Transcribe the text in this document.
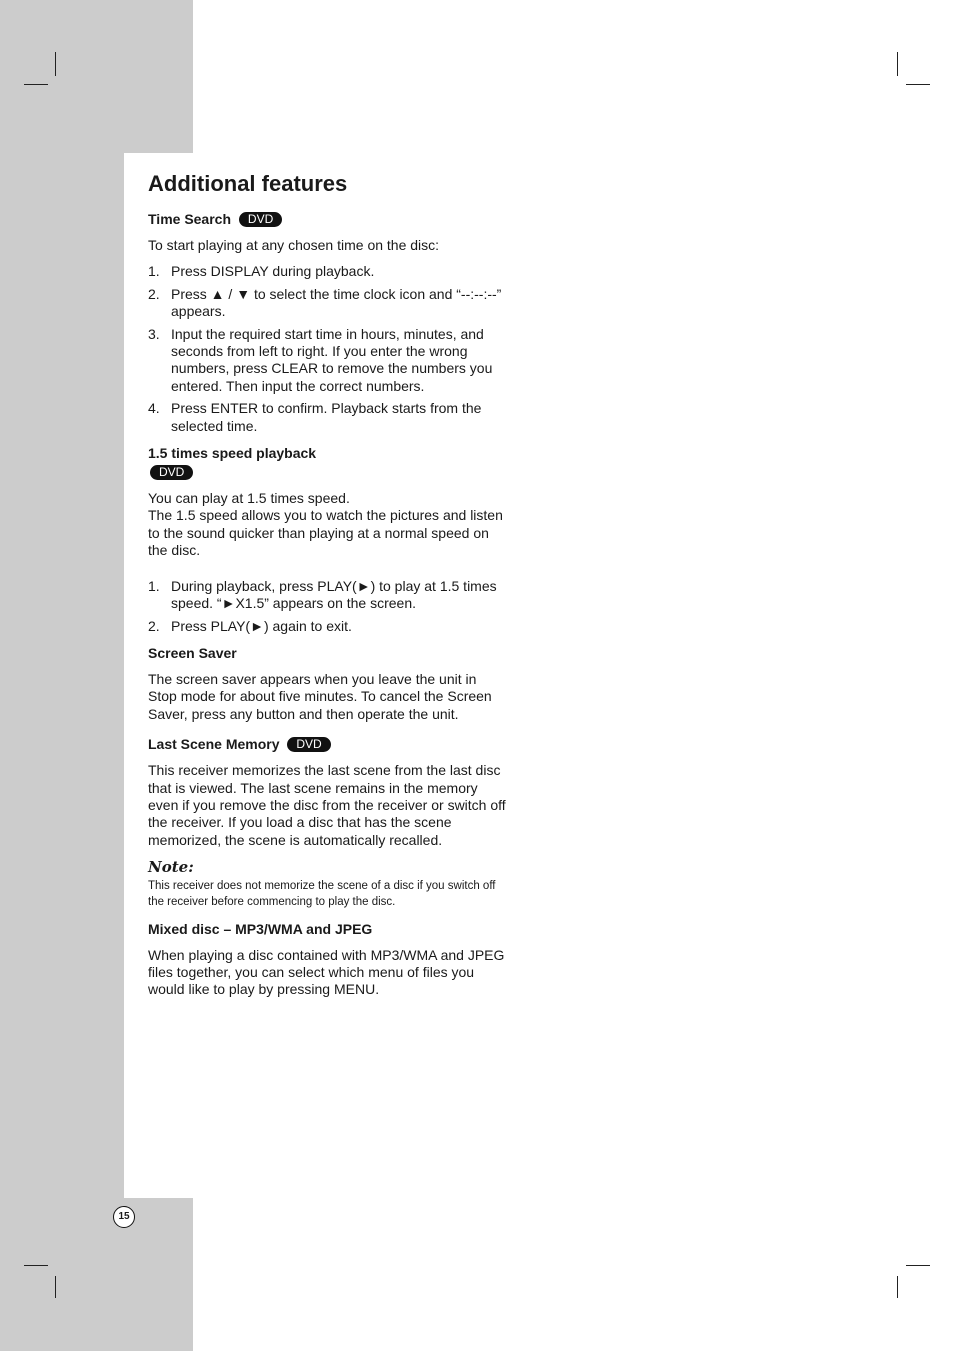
Additional features
Time Search DVD

To start playing at any chosen time on the disc:

1. Press DISPLAY during playback.
2. Press ▲ / ▼ to select the time clock icon and “--:--:--” appears.
3. Input the required start time in hours, minutes, and seconds from left to right. If you enter the wrong numbers, press CLEAR to remove the numbers you entered. Then input the correct numbers.
4. Press ENTER to confirm. Playback starts from the selected time.
1.5 times speed playback
DVD

You can play at 1.5 times speed.
The 1.5 speed allows you to watch the pictures and listen to the sound quicker than playing at a normal speed on the disc.

1. During playback, press PLAY(►) to play at 1.5 times speed. “►X1.5” appears on the screen.
2. Press PLAY(►) again to exit.
Screen Saver

The screen saver appears when you leave the unit in Stop mode for about five minutes. To cancel the Screen Saver, press any button and then operate the unit.

Last Scene Memory DVD

This receiver memorizes the last scene from the last disc that is viewed. The last scene remains in the memory even if you remove the disc from the receiver or switch off the receiver. If you load a disc that has the scene memorized, the scene is automatically recalled.

Note:

This receiver does not memorize the scene of a disc if you switch off the receiver before commencing to play the disc.

Mixed disc – MP3/WMA and JPEG

When playing a disc contained with MP3/WMA and JPEG files together, you can select which menu of files you would like to play by pressing MENU.

15
